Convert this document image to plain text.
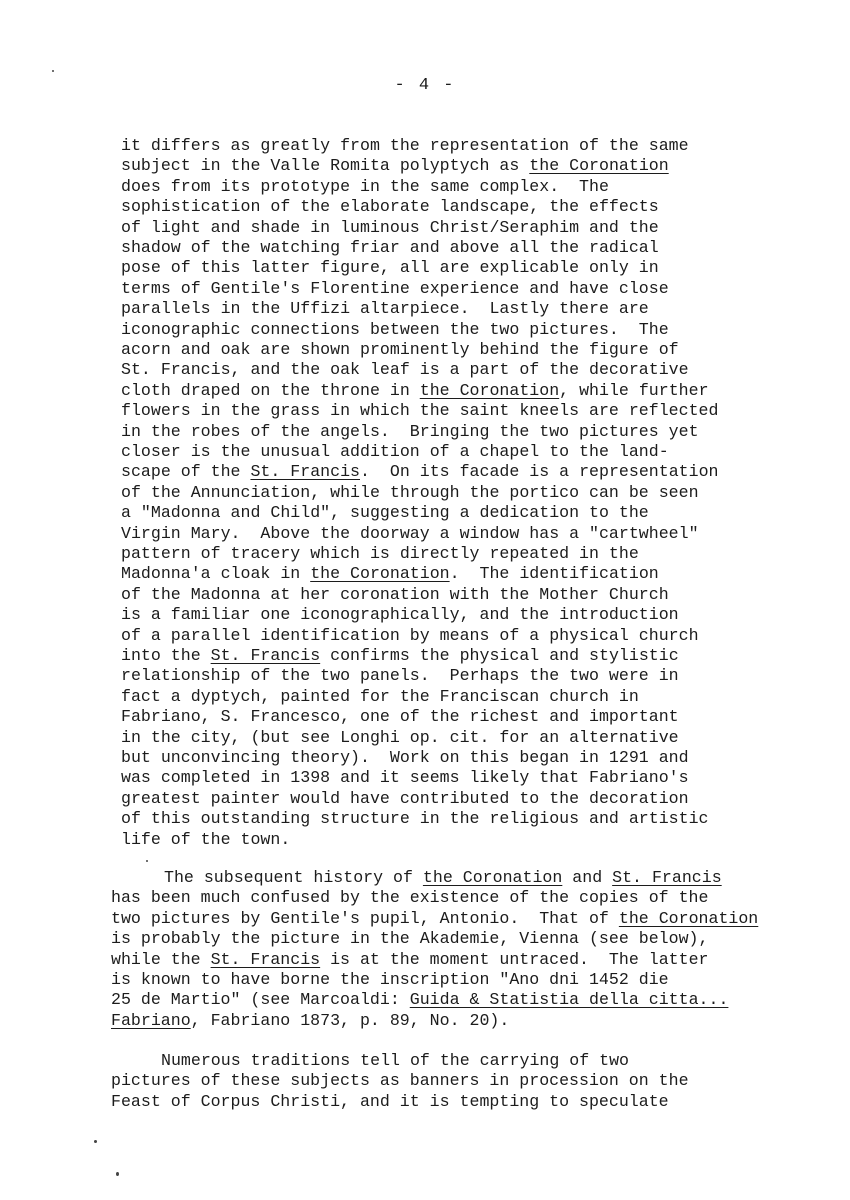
- 4 -
it differs as greatly from the representation of the same
subject in the Valle Romita polyptych as the Coronation
does from its prototype in the same complex.  The
sophistication of the elaborate landscape, the effects
of light and shade in luminous Christ/Seraphim and the
shadow of the watching friar and above all the radical
pose of this latter figure, all are explicable only in
terms of Gentile's Florentine experience and have close
parallels in the Uffizi altarpiece.  Lastly there are
iconographic connections between the two pictures.  The
acorn and oak are shown prominently behind the figure of
St. Francis, and the oak leaf is a part of the decorative
cloth draped on the throne in the Coronation, while further
flowers in the grass in which the saint kneels are reflected
in the robes of the angels.  Bringing the two pictures yet
closer is the unusual addition of a chapel to the land-
scape of the St. Francis.  On its facade is a representation
of the Annunciation, while through the portico can be seen
a "Madonna and Child", suggesting a dedication to the
Virgin Mary.  Above the doorway a window has a "cartwheel"
pattern of tracery which is directly repeated in the
Madonna'a cloak in the Coronation.  The identification
of the Madonna at her coronation with the Mother Church
is a familiar one iconographically, and the introduction
of a parallel identification by means of a physical church
into the St. Francis confirms the physical and stylistic
relationship of the two panels.  Perhaps the two were in
fact a dyptych, painted for the Franciscan church in
Fabriano, S. Francesco, one of the richest and important
in the city, (but see Longhi op. cit. for an alternative
but unconvincing theory).  Work on this began in 1291 and
was completed in 1398 and it seems likely that Fabriano's
greatest painter would have contributed to the decoration
of this outstanding structure in the religious and artistic
life of the town.
The subsequent history of the Coronation and St. Francis
has been much confused by the existence of the copies of the
two pictures by Gentile's pupil, Antonio.  That of the Coronation
is probably the picture in the Akademie, Vienna (see below),
while the St. Francis is at the moment untraced.  The latter
is known to have borne the inscription "Ano dni 1452 die
25 de Martio" (see Marcoaldi: Guida & Statistia della citta...
Fabriano, Fabriano 1873, p. 89, No. 20).
Numerous traditions tell of the carrying of two
pictures of these subjects as banners in procession on the
Feast of Corpus Christi, and it is tempting to speculate
